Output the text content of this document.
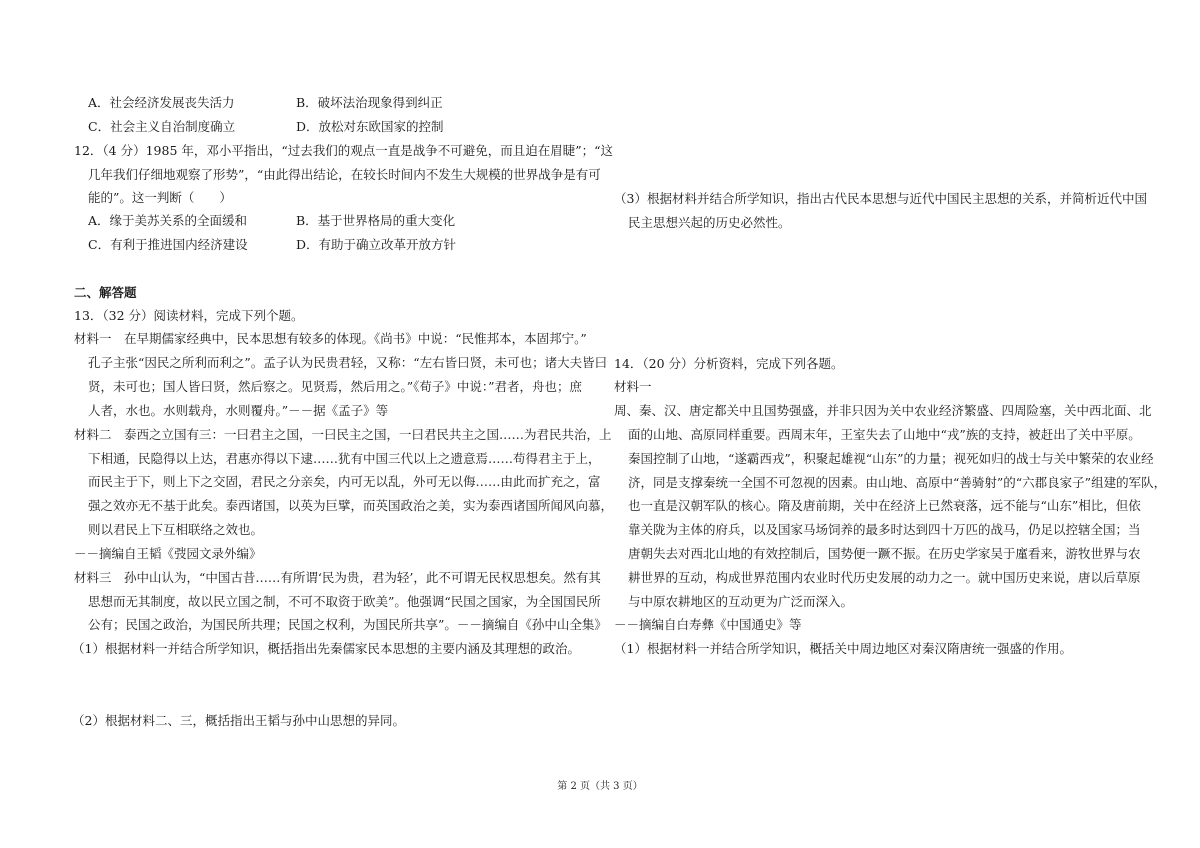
A．社会经济发展丧失活力	B．破坏法治现象得到纠正
C．社会主义自治制度确立	D．放松对东欧国家的控制
12．（4 分）1985 年，邓小平指出，“过去我们的观点一直是战争不可避免，而且迫在眉睫”；“这
几年我们仔细地观察了形势”，“由此得出结论，在较长时间内不发生大规模的世界战争是有可
能的”。这一判断（　　）
A．缘于美苏关系的全面缓和	B．基于世界格局的重大变化
C．有利于推进国内经济建设	D．有助于确立改革开放方针
二、解答题
13．（32 分）阅读材料，完成下列个题。
材料一　在早期儒家经典中，民本思想有较多的体现。《尚书》中说：“民惟邦本，本固邦宁。”
孔子主张“因民之所利而利之”。孟子认为民贵君轻，又称：“左右皆曰贤，未可也；诸大夫皆曰
贤，未可也；国人皆曰贤，然后察之。见贤焉，然后用之。”《荀子》中说：”君者，舟也；庶
人者，水也。水则载舟，水则覆舟。”－－据《孟子》等
材料二　泰西之立国有三：一曰君主之国，一曰民主之国，一曰君民共主之国……为君民共治，上
下相通，民隐得以上达，君惠亦得以下逮……犹有中国三代以上之遗意焉……苟得君主于上，
而民主于下，则上下之交固，君民之分亲矣，内可无以乱，外可无以侮……由此而扩充之，富
强之效亦无不基于此矣。泰西诸国，以英为巨擘，而英国政治之美，实为泰西诸国所闻风向慕，
则以君民上下互相联络之效也。
－－摘编自王韬《弢园文录外编》
材料三　孙中山认为，“中国古昔……有所谓‘民为贵，君为轻’，此不可谓无民权思想矣。然有其
思想而无其制度，故以民立国之制，不可不取资于欧美”。他强调“民国之国家，为全国国民所
公有；民国之政治，为国民所共理；民国之权利，为国民所共享”。－－摘编自《孙中山全集》
（1）根据材料一并结合所学知识，概括指出先秦儒家民本思想的主要内涵及其理想的政治。
（2）根据材料二、三，概括指出王韬与孙中山思想的异同。
（3）根据材料并结合所学知识，指出古代民本思想与近代中国民主思想的关系，并简析近代中国
民主思想兴起的历史必然性。
14．（20 分）分析资料，完成下列各题。
材料一
周、秦、汉、唐定都关中且国势强盛，并非只因为关中农业经济繁盛、四周险塞，关中西北面、北
面的山地、高原同样重要。西周末年，王室失去了山地中“戎”族的支持，被赶出了关中平原。
秦国控制了山地，“遂霸西戎”，积聚起雄视“山东”的力量；视死如归的战士与关中繁荣的农业经
济，同是支撑秦统一全国不可忽视的因素。由山地、高原中“善骑射”的“六郡良家子”组建的军队，
也一直是汉朝军队的核心。隋及唐前期，关中在经济上已然衰落，远不能与“山东”相比，但依
靠关陇为主体的府兵，以及国家马场饲养的最多时达到四十万匹的战马，仍足以控辖全国；当
唐朝失去对西北山地的有效控制后，国势便一蹶不振。在历史学家吴于廑看来，游牧世界与农
耕世界的互动，构成世界范围内农业时代历史发展的动力之一。就中国历史来说，唐以后草原
与中原农耕地区的互动更为广泛而深入。
－－摘编自白寿彝《中国通史》等
（1）根据材料一并结合所学知识，概括关中周边地区对秦汉隋唐统一强盛的作用。
第 2 页（共 3 页）
